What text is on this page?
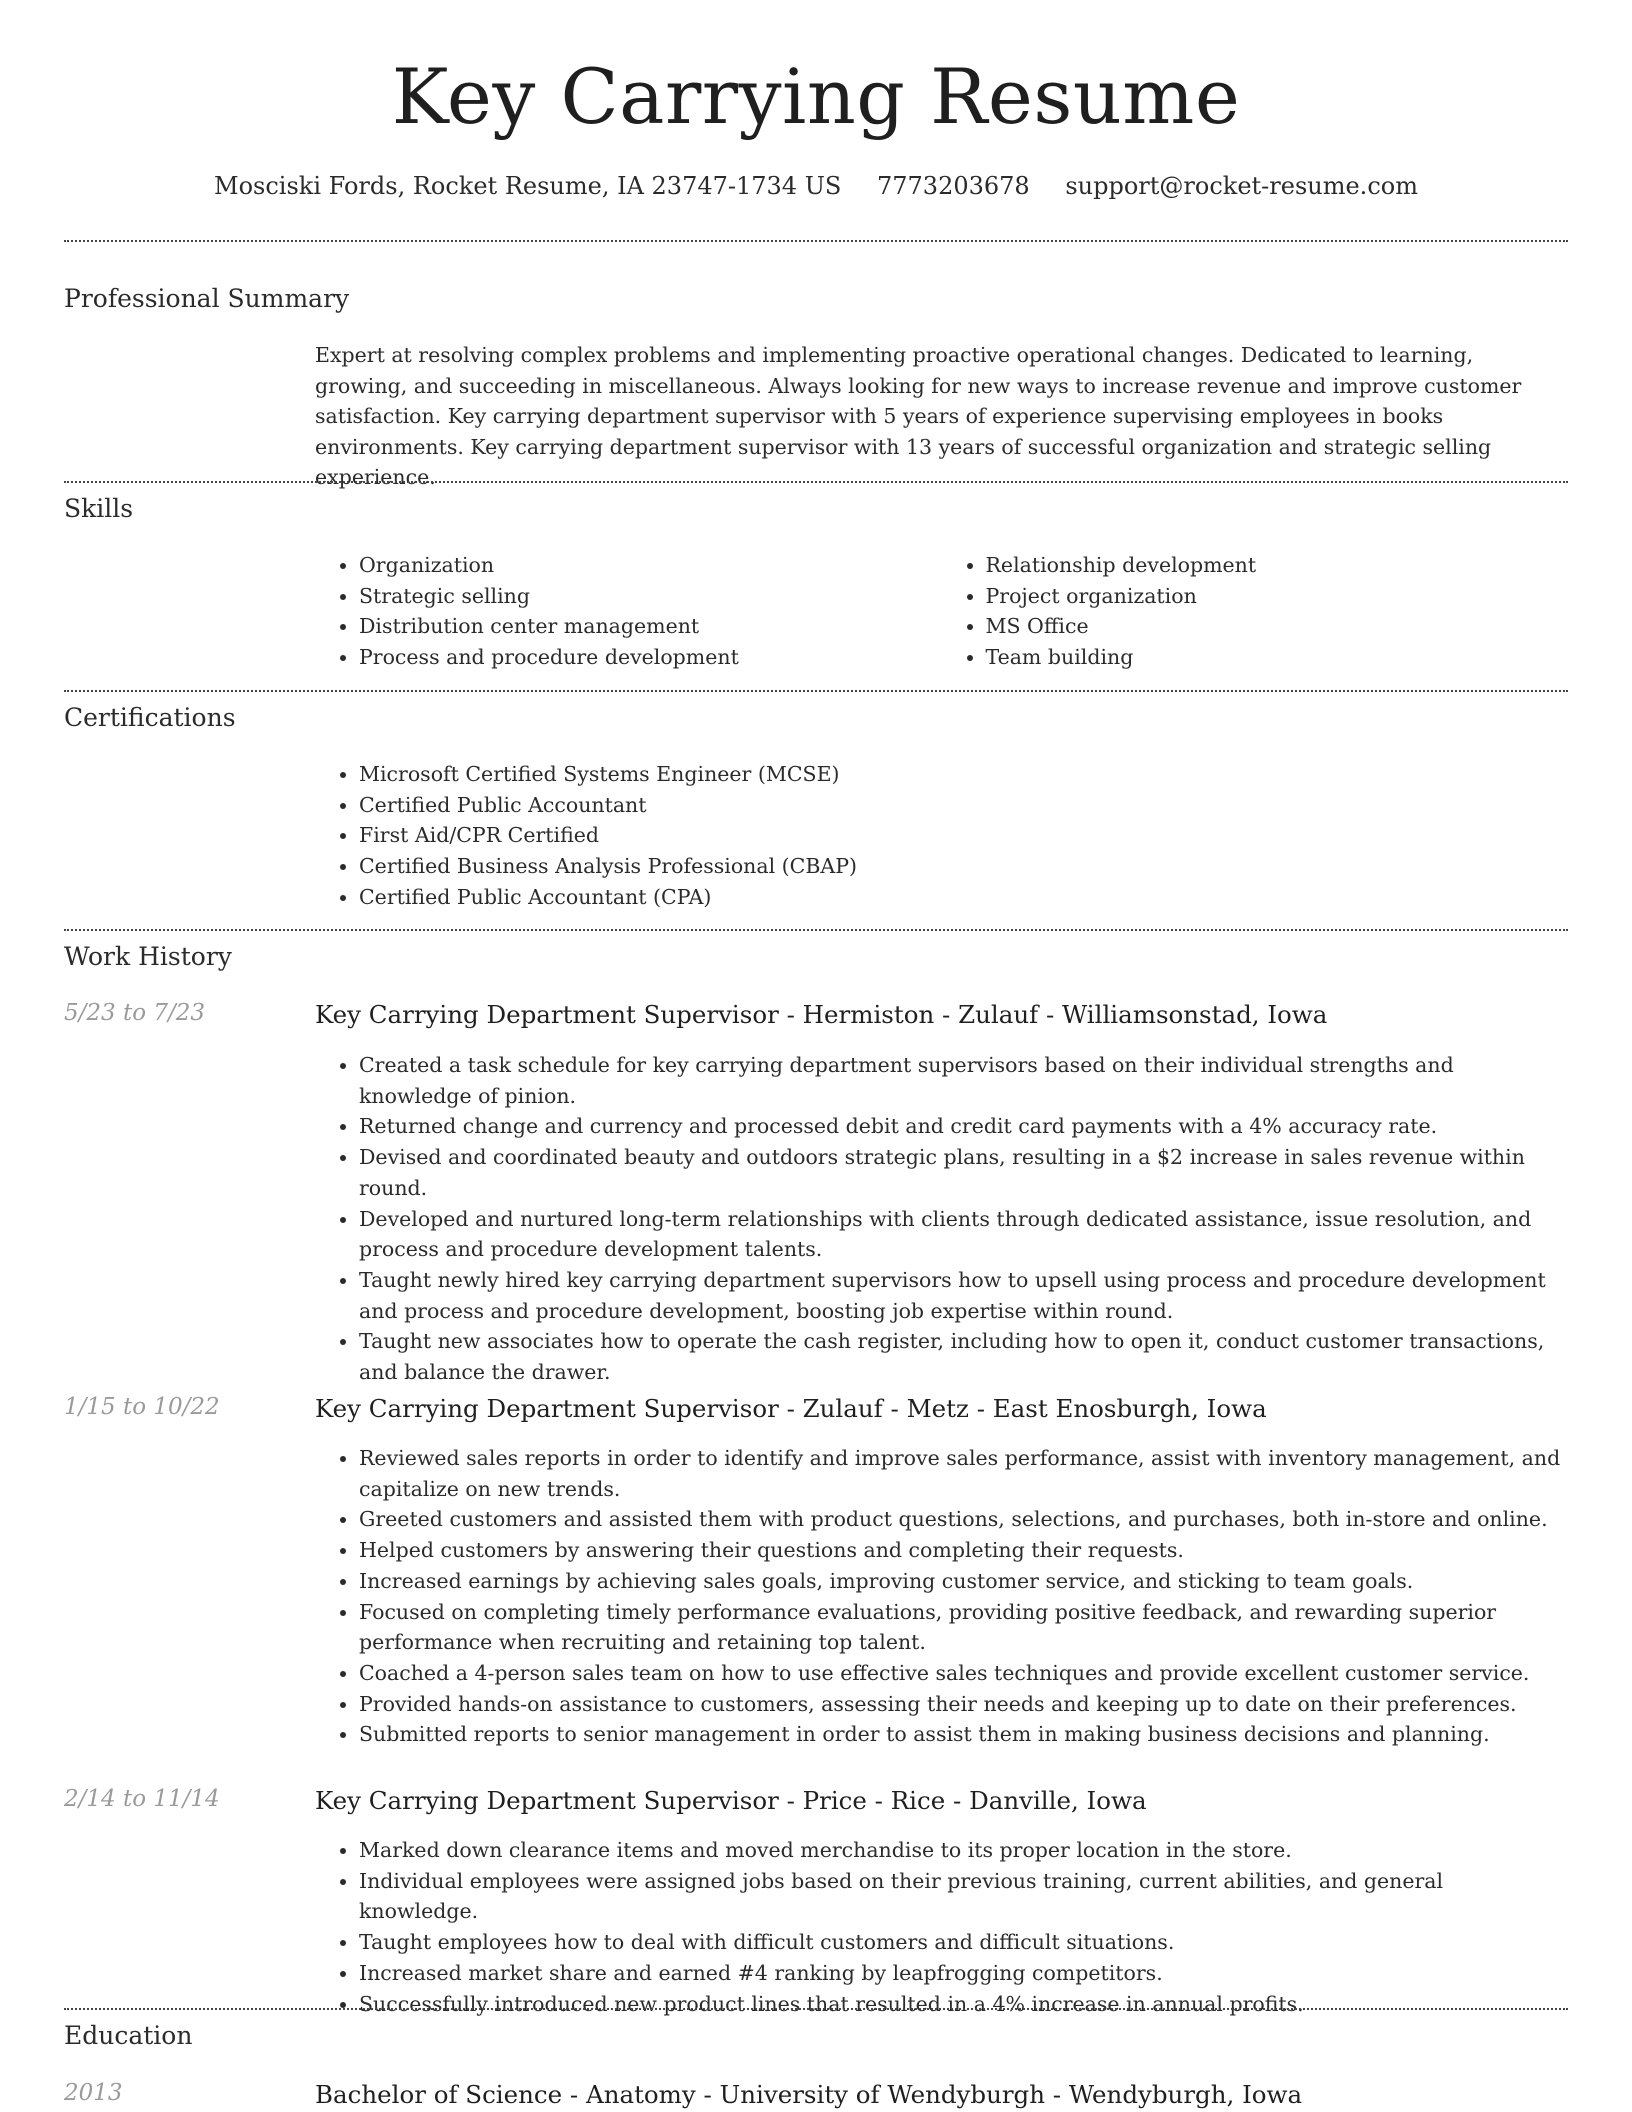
Key Carrying Resume
Mosciski Fords, Rocket Resume, IA 23747-1734 US 7773203678 support@rocket-resume.com
Professional Summary

Expert at resolving complex problems and implementing proactive operational changes. Dedicated to learning, growing, and succeeding in miscellaneous. Always looking for new ways to increase revenue and improve customer satisfaction. Key carrying department supervisor with 5 years of experience supervising employees in books environments. Key carrying department supervisor with 13 years of successful organization and strategic selling experience.

Skills
• Organization
• Strategic selling
• Distribution center management
• Process and procedure development
• Relationship development
• Project organization
• MS Office
• Team building
Certifications
• Microsoft Certified Systems Engineer (MCSE)
• Certified Public Accountant
• First Aid/CPR Certified
• Certified Business Analysis Professional (CBAP)
• Certified Public Accountant (CPA)
Work History
5/23 to 7/23	Key Carrying Department Supervisor - Hermiston - Zulauf - Williamsonstad, Iowa
• Created a task schedule for key carrying department supervisors based on their individual strengths and knowledge of pinion.
• Returned change and currency and processed debit and credit card payments with a 4% accuracy rate.
• Devised and coordinated beauty and outdoors strategic plans, resulting in a $2 increase in sales revenue within round.
• Developed and nurtured long-term relationships with clients through dedicated assistance, issue resolution, and process and procedure development talents.
• Taught newly hired key carrying department supervisors how to upsell using process and procedure development and process and procedure development, boosting job expertise within round.
• Taught new associates how to operate the cash register, including how to open it, conduct customer transactions, and balance the drawer.
1/15 to 10/22	Key Carrying Department Supervisor - Zulauf - Metz - East Enosburgh, Iowa
• Reviewed sales reports in order to identify and improve sales performance, assist with inventory management, and capitalize on new trends.
• Greeted customers and assisted them with product questions, selections, and purchases, both in-store and online.
• Helped customers by answering their questions and completing their requests.
• Increased earnings by achieving sales goals, improving customer service, and sticking to team goals.
• Focused on completing timely performance evaluations, providing positive feedback, and rewarding superior performance when recruiting and retaining top talent.
• Coached a 4-person sales team on how to use effective sales techniques and provide excellent customer service.
• Provided hands-on assistance to customers, assessing their needs and keeping up to date on their preferences.
• Submitted reports to senior management in order to assist them in making business decisions and planning.
2/14 to 11/14	Key Carrying Department Supervisor - Price - Rice - Danville, Iowa
• Marked down clearance items and moved merchandise to its proper location in the store.
• Individual employees were assigned jobs based on their previous training, current abilities, and general knowledge.
• Taught employees how to deal with difficult customers and difficult situations.
• Increased market share and earned #4 ranking by leapfrogging competitors.
• Successfully introduced new product lines that resulted in a 4% increase in annual profits.
Education
2013	Bachelor of Science - Anatomy - University of Wendyburgh - Wendyburgh, Iowa
